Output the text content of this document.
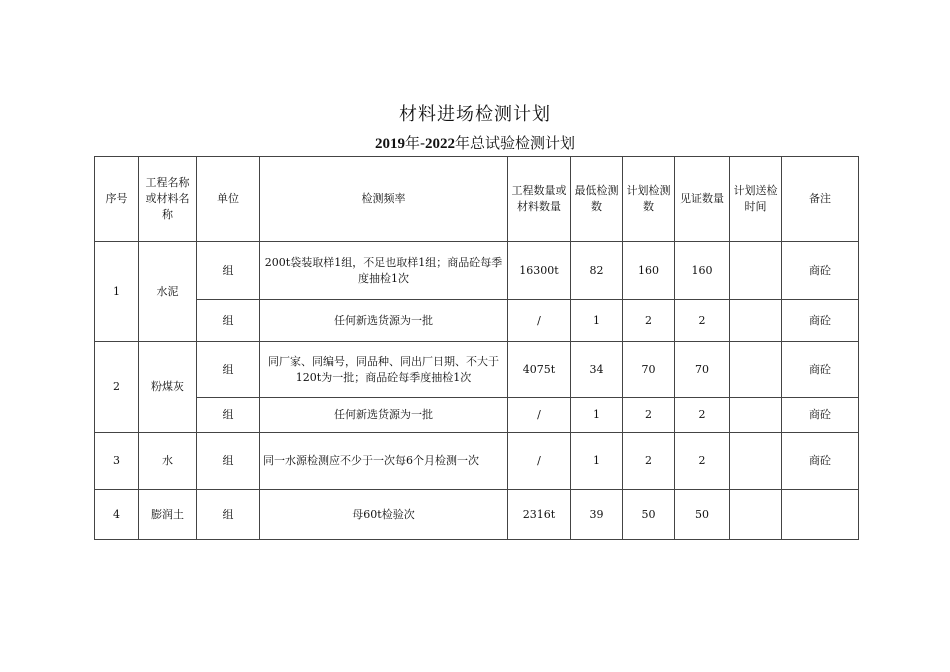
材料进场检测计划
2019年-2022年总试验检测计划
序号	工程名称或材料名称	单位	检测频率	工程数量或材料数量	最低检测数	计划检测数	见证数量	计划送检时间	备注
1	水泥	组	200t袋装取样1组，不足也取样1组；商品砼每季度抽检1次	16300t	82	160	160		商砼
		组	任何新选货源为一批	/	1	2	2		商砼
2	粉煤灰	组	同厂家、同编号，同品种、同出厂日期、不大于120t为一批；商品砼每季度抽检1次	4075t	34	70	70		商砼
		组	任何新选货源为一批	/	1	2	2		商砼
3	水	组	同一水源检测应不少于一次每6个月检测一次	/	1	2	2		商砼
4	膨润土	组	母60t检验次	2316t	39	50	50		
